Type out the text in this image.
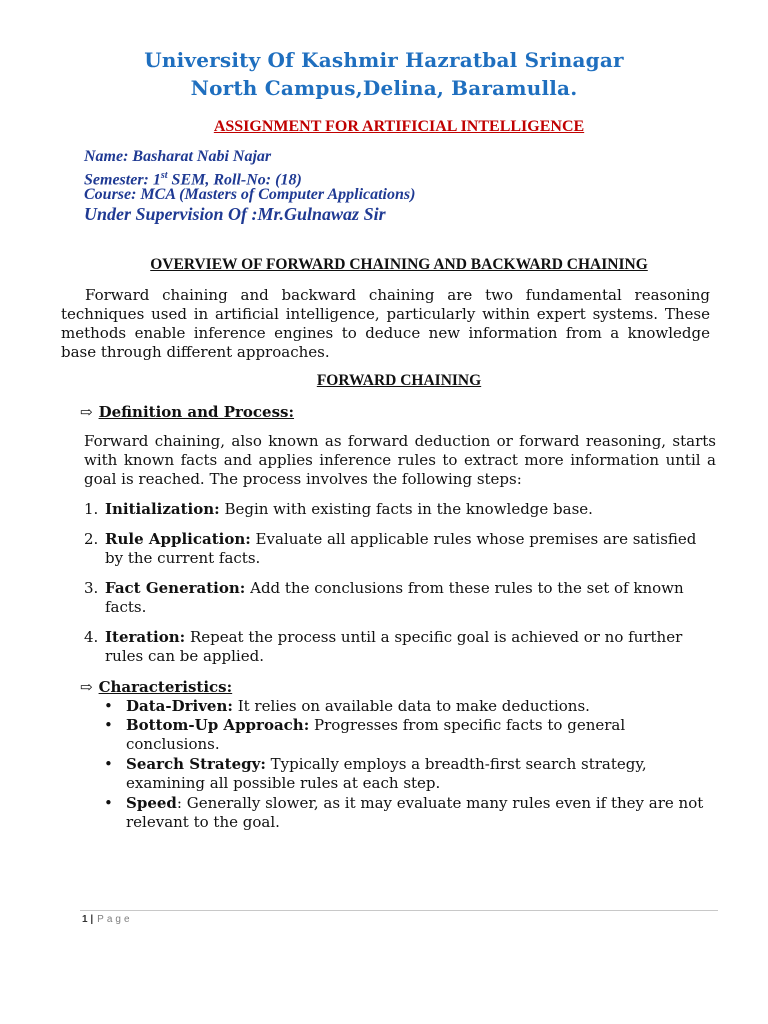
University Of Kashmir Hazratbal Srinagar
North Campus,Delina, Baramulla.
ASSIGNMENT FOR ARTIFICIAL INTELLIGENCE
Name: Basharat Nabi Najar
Semester: 1st SEM, Roll-No: (18)
Course: MCA (Masters of Computer Applications)
Under Supervision Of :Mr.Gulnawaz Sir
OVERVIEW OF FORWARD CHAINING AND BACKWARD CHAINING
Forward chaining and backward chaining are two fundamental reasoning techniques used in artificial intelligence, particularly within expert systems. These methods enable inference engines to deduce new information from a knowledge base through different approaches.
FORWARD CHAINING
⇨ Definition and Process:
Forward chaining, also known as forward deduction or forward reasoning, starts with known facts and applies inference rules to extract more information until a goal is reached. The process involves the following steps:
1. Initialization: Begin with existing facts in the knowledge base.
2. Rule Application: Evaluate all applicable rules whose premises are satisfied by the current facts.
3. Fact Generation: Add the conclusions from these rules to the set of known facts.
4. Iteration: Repeat the process until a specific goal is achieved or no further rules can be applied.
⇨ Characteristics:
• Data-Driven: It relies on available data to make deductions.
• Bottom-Up Approach: Progresses from specific facts to general conclusions.
• Search Strategy: Typically employs a breadth-first search strategy, examining all possible rules at each step.
• Speed: Generally slower, as it may evaluate many rules even if they are not relevant to the goal.
1 | Page
